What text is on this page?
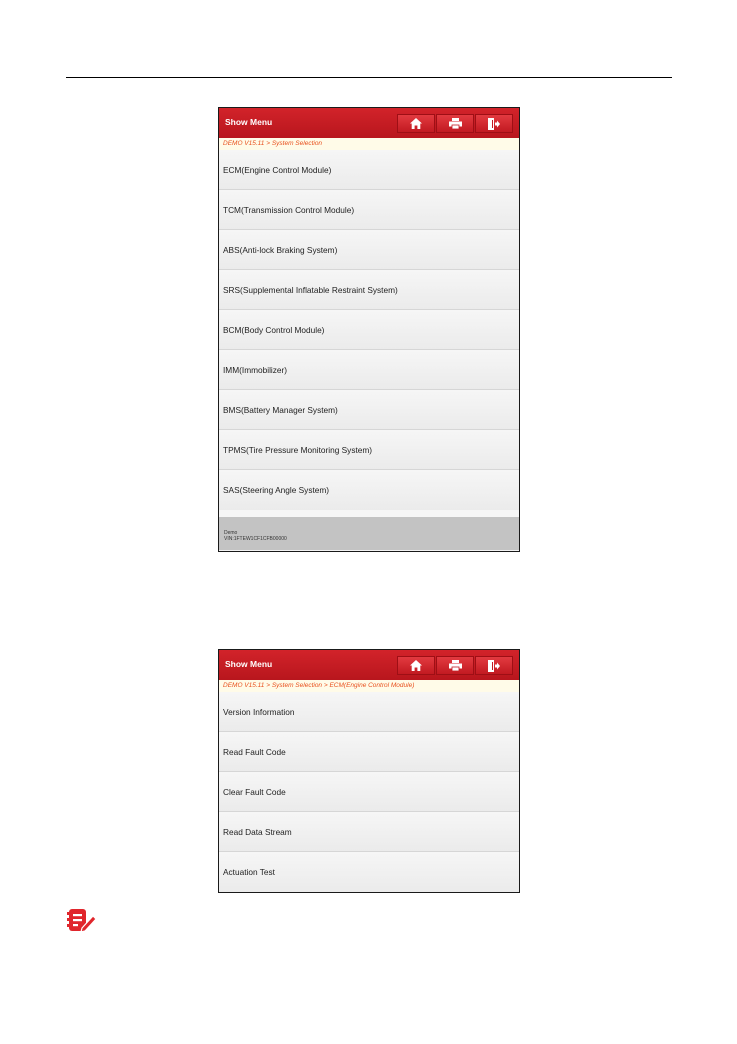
Show Menu
DEMO V15.11 > System Selection
ECM(Engine Control Module)
TCM(Transmission Control Module)
ABS(Anti-lock Braking System)
SRS(Supplemental Inflatable Restraint System)
BCM(Body Control Module)
IMM(Immobilizer)
BMS(Battery Manager System)
TPMS(Tire Pressure Monitoring System)
SAS(Steering Angle System)
Demo
VIN:1FTEW1CF1CFB00000
Show Menu
DEMO V15.11 > System Selection > ECM(Engine Control Module)
Version Information
Read Fault Code
Clear Fault Code
Read Data Stream
Actuation Test
